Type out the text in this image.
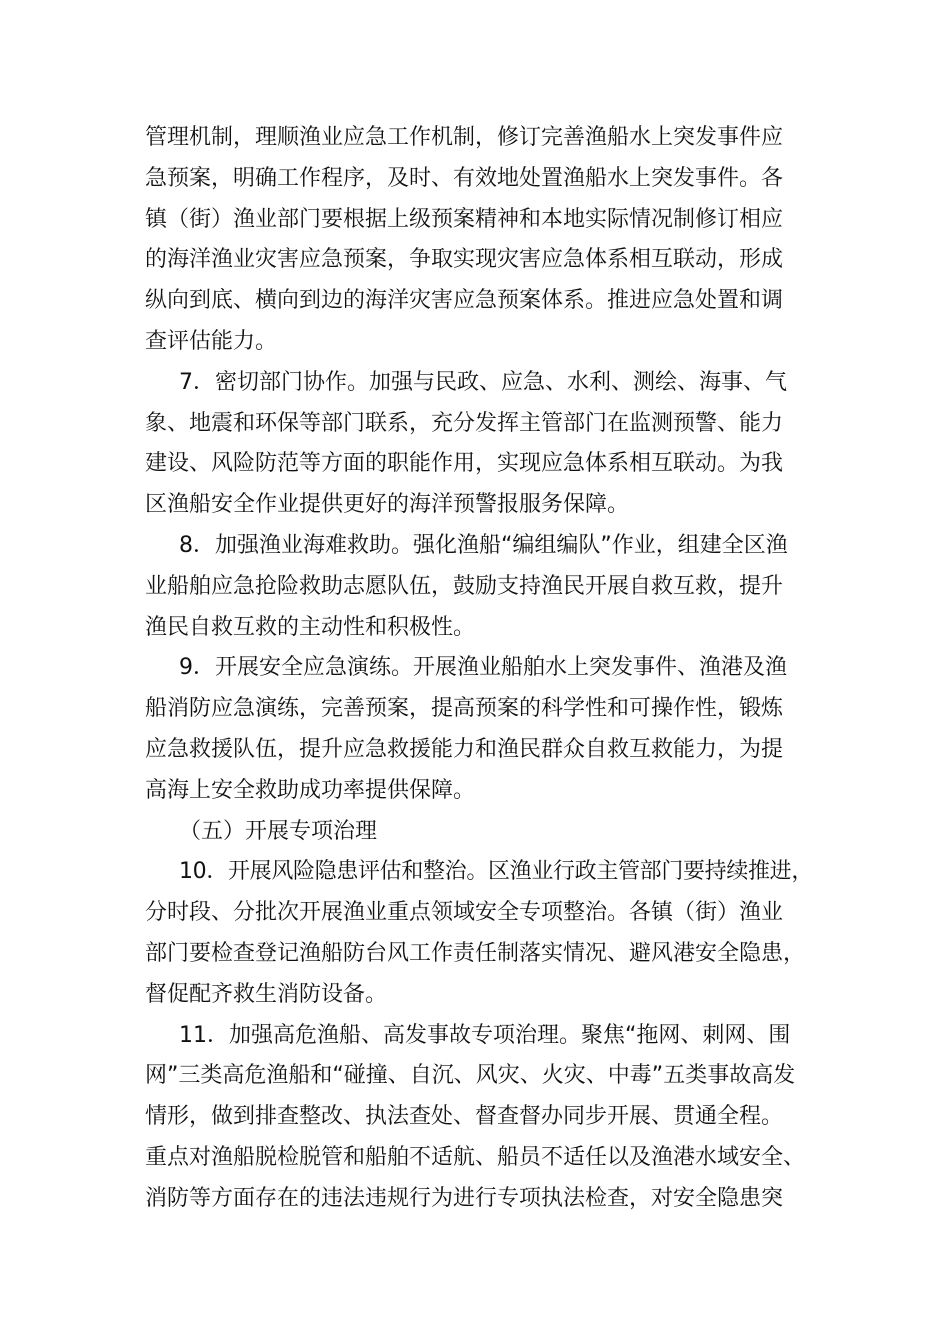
管理机制，理顺渔业应急工作机制，修订完善渔船水上突发事件应
急预案，明确工作程序，及时、有效地处置渔船水上突发事件。各
镇（街）渔业部门要根据上级预案精神和本地实际情况制修订相应
的海洋渔业灾害应急预案，争取实现灾害应急体系相互联动，形成
纵向到底、横向到边的海洋灾害应急预案体系。推进应急处置和调
查评估能力。
7．密切部门协作。加强与民政、应急、水利、测绘、海事、气
象、地震和环保等部门联系，充分发挥主管部门在监测预警、能力
建设、风险防范等方面的职能作用，实现应急体系相互联动。为我
区渔船安全作业提供更好的海洋预警报服务保障。
8．加强渔业海难救助。强化渔船“编组编队”作业，组建全区渔
业船舶应急抢险救助志愿队伍，鼓励支持渔民开展自救互救，提升
渔民自救互救的主动性和积极性。
9．开展安全应急演练。开展渔业船舶水上突发事件、渔港及渔
船消防应急演练，完善预案，提高预案的科学性和可操作性，锻炼
应急救援队伍，提升应急救援能力和渔民群众自救互救能力，为提
高海上安全救助成功率提供保障。
（五）开展专项治理
10．开展风险隐患评估和整治。区渔业行政主管部门要持续推进，
分时段、分批次开展渔业重点领域安全专项整治。各镇（街）渔业
部门要检查登记渔船防台风工作责任制落实情况、避风港安全隐患，
督促配齐救生消防设备。
11．加强高危渔船、高发事故专项治理。聚焦“拖网、刺网、围
网”三类高危渔船和“碰撞、自沉、风灾、火灾、中毒”五类事故高发
情形，做到排查整改、执法查处、督查督办同步开展、贯通全程。
重点对渔船脱检脱管和船舶不适航、船员不适任以及渔港水域安全、
消防等方面存在的违法违规行为进行专项执法检查，对安全隐患突
